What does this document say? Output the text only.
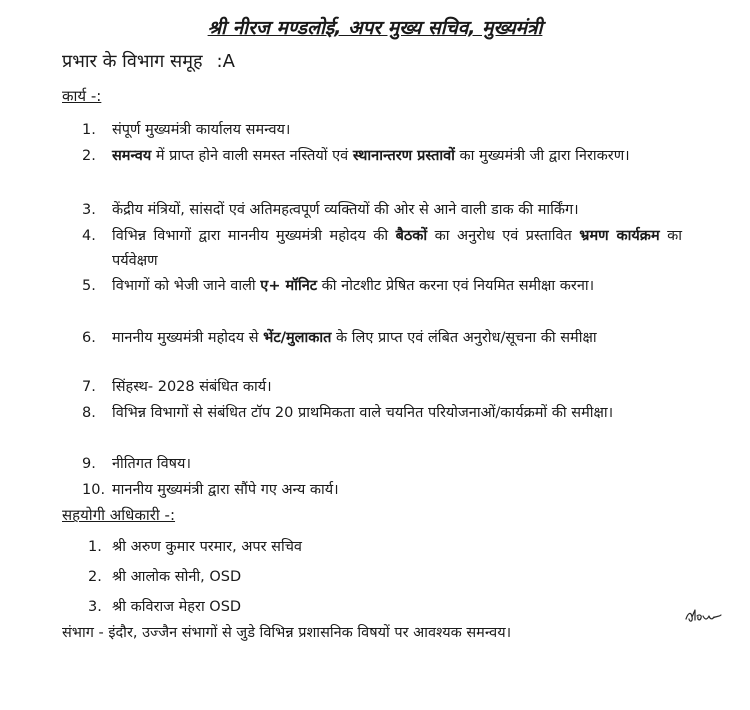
श्री नीरज मण्डलोई, अपर मुख्य सचिव, मुख्यमंत्री
प्रभार के विभाग समूह :A
कार्य -:
1. संपूर्ण मुख्यमंत्री कार्यालय समन्वय।
2. समन्वय में प्राप्त होने वाली समस्त नस्तियों एवं स्थानान्तरण प्रस्तावों का मुख्यमंत्री जी द्वारा निराकरण।
3. केंद्रीय मंत्रियों, सांसदों एवं अतिमहत्वपूर्ण व्यक्तियों की ओर से आने वाली डाक की मार्किंग।
4. विभिन्न विभागों द्वारा माननीय मुख्यमंत्री महोदय की बैठकों का अनुरोध एवं प्रस्तावित भ्रमण कार्यक्रम का पर्यवेक्षण
5. विभागों को भेजी जाने वाली ए+ मॉनिट की नोटशीट प्रेषित करना एवं नियमित समीक्षा करना।
6. माननीय मुख्यमंत्री महोदय से भेंट/मुलाकात के लिए प्राप्त एवं लंबित अनुरोध/सूचना की समीक्षा
7. सिंहस्थ- 2028 संबंधित कार्य।
8. विभिन्न विभागों से संबंधित टॉप 20 प्राथमिकता वाले चयनित परियोजनाओं/कार्यक्रमों की समीक्षा।
9. नीतिगत विषय।
10. माननीय मुख्यमंत्री द्वारा सौंपे गए अन्य कार्य।
सहयोगी अधिकारी -:
1. श्री अरुण कुमार परमार, अपर सचिव
2. श्री आलोक सोनी, OSD
3. श्री कविराज मेहरा OSD
संभाग - इंदौर, उज्जैन संभागों से जुडे विभिन्न प्रशासनिक विषयों पर आवश्यक समन्वय।
